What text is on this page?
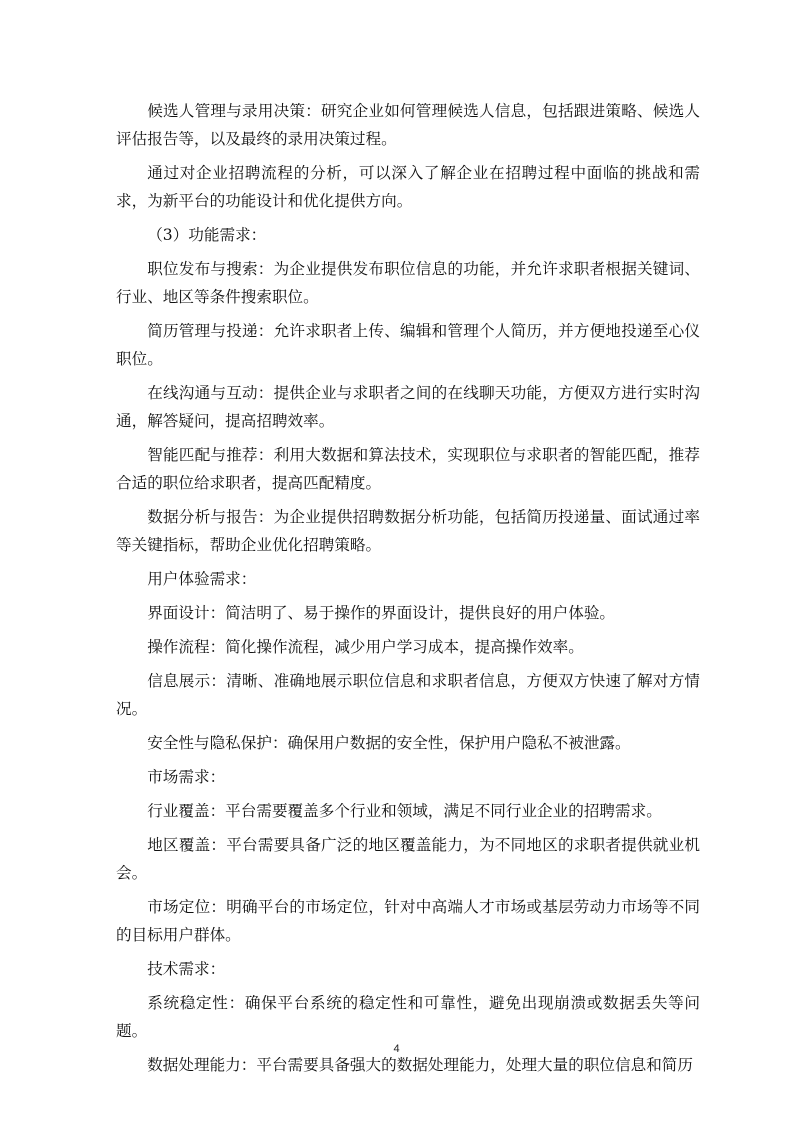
候选人管理与录用决策：研究企业如何管理候选人信息，包括跟进策略、候选人评估报告等，以及最终的录用决策过程。

通过对企业招聘流程的分析，可以深入了解企业在招聘过程中面临的挑战和需求，为新平台的功能设计和优化提供方向。

（3）功能需求：

职位发布与搜索：为企业提供发布职位信息的功能，并允许求职者根据关键词、行业、地区等条件搜索职位。

简历管理与投递：允许求职者上传、编辑和管理个人简历，并方便地投递至心仪职位。

在线沟通与互动：提供企业与求职者之间的在线聊天功能，方便双方进行实时沟通，解答疑问，提高招聘效率。

智能匹配与推荐：利用大数据和算法技术，实现职位与求职者的智能匹配，推荐合适的职位给求职者，提高匹配精度。

数据分析与报告：为企业提供招聘数据分析功能，包括简历投递量、面试通过率等关键指标，帮助企业优化招聘策略。

用户体验需求：

界面设计：简洁明了、易于操作的界面设计，提供良好的用户体验。

操作流程：简化操作流程，减少用户学习成本，提高操作效率。

信息展示：清晰、准确地展示职位信息和求职者信息，方便双方快速了解对方情况。

安全性与隐私保护：确保用户数据的安全性，保护用户隐私不被泄露。

市场需求：

行业覆盖：平台需要覆盖多个行业和领域，满足不同行业企业的招聘需求。

地区覆盖：平台需要具备广泛的地区覆盖能力，为不同地区的求职者提供就业机会。

市场定位：明确平台的市场定位，针对中高端人才市场或基层劳动力市场等不同的目标用户群体。

技术需求：

系统稳定性：确保平台系统的稳定性和可靠性，避免出现崩溃或数据丢失等问题。

数据处理能力：平台需要具备强大的数据处理能力，处理大量的职位信息和简历

4
